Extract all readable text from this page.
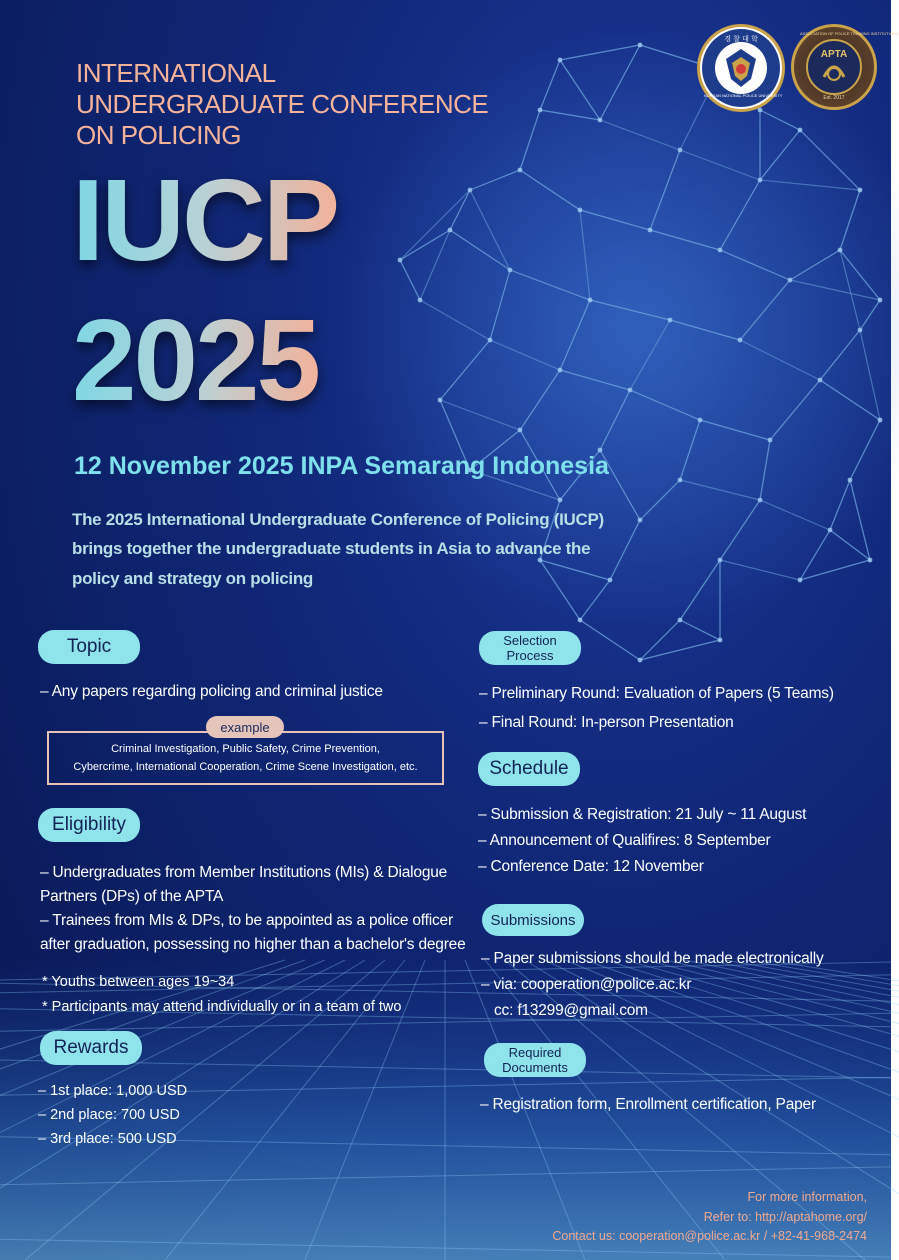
경 찰 대 학
KOREAN NATIONAL POLICE UNIVERSITY
APTA
ASSOCIATION OF POLICE TRAINING INSTITUTIONS
Est. 2017
INTERNATIONAL
UNDERGRADUATE CONFERENCE
ON POLICING
IUCP
2025
12 November 2025 INPA Semarang Indonesia
The 2025 International Undergraduate Conference of Policing (IUCP)
brings together the undergraduate students in Asia to advance the
policy and strategy on policing
Topic
– Any papers regarding policing and criminal justice
example
Criminal Investigation, Public Safety, Crime Prevention,
Cybercrime, International Cooperation, Crime Scene Investigation, etc.
Eligibility
– Undergraduates from Member Institutions (MIs) & Dialogue
Partners (DPs) of the APTA
– Trainees from MIs & DPs, to be appointed as a police officer
after graduation, possessing no higher than a bachelor's degree
* Youths between ages 19~34
* Participants may attend individually or in a team of two
Rewards
– 1st place: 1,000 USD
– 2nd place: 700 USD
– 3rd place: 500 USD
Selection
Process
– Preliminary Round: Evaluation of Papers (5 Teams)
– Final Round: In-person Presentation
Schedule
– Submission & Registration: 21 July ~ 11 August
– Announcement of Qualifires: 8 September
– Conference Date: 12 November
Submissions
– Paper submissions should be made electronically
– via: cooperation@police.ac.kr
cc: f13299@gmail.com
Required
Documents
– Registration form, Enrollment certification, Paper
For more information,
Refer to: http://aptahome.org/
Contact us: cooperation@police.ac.kr / +82-41-968-2474
